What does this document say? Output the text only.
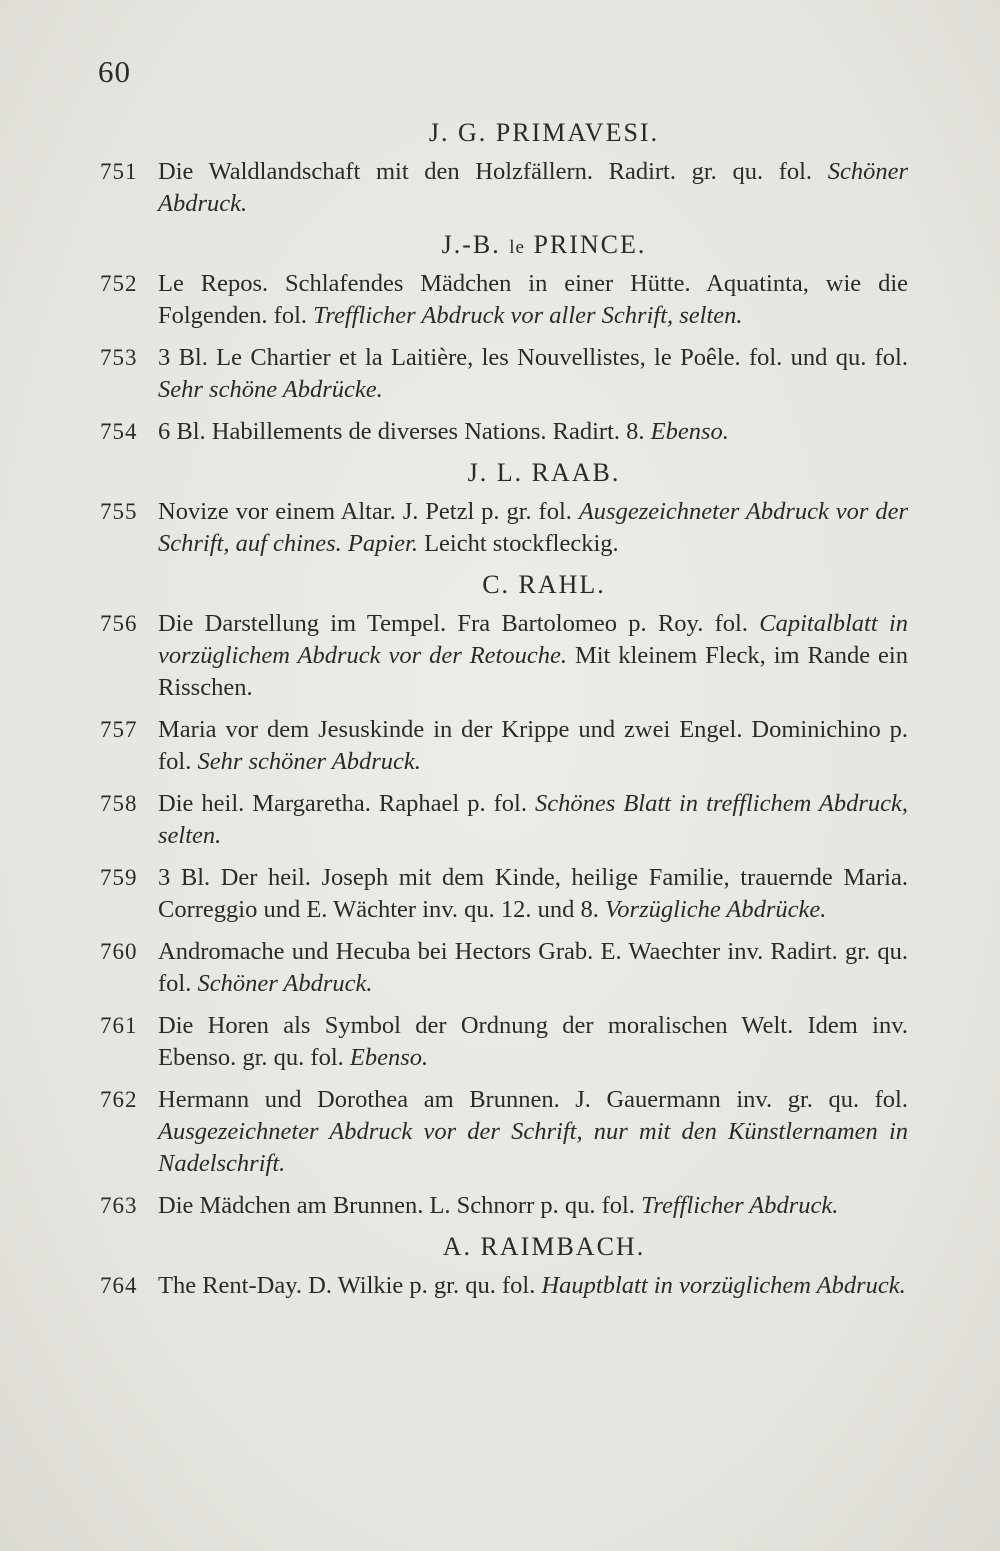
60
J. G. PRIMAVESI.
751 Die Waldlandschaft mit den Holzfällern. Radirt. gr. qu. fol. Schöner Abdruck.
J.-B. le PRINCE.
752 Le Repos. Schlafendes Mädchen in einer Hütte. Aquatinta, wie die Folgenden. fol. Trefflicher Abdruck vor aller Schrift, selten.
753 3 Bl. Le Chartier et la Laitière, les Nouvellistes, le Poêle. fol. und qu. fol. Sehr schöne Abdrücke.
754 6 Bl. Habillements de diverses Nations. Radirt. 8. Ebenso.
J. L. RAAB.
755 Novize vor einem Altar. J. Petzl p. gr. fol. Ausgezeichneter Abdruck vor der Schrift, auf chines. Papier. Leicht stockfleckig.
C. RAHL.
756 Die Darstellung im Tempel. Fra Bartolomeo p. Roy. fol. Capitalblatt in vorzüglichem Abdruck vor der Retouche. Mit kleinem Fleck, im Rande ein Risschen.
757 Maria vor dem Jesuskinde in der Krippe und zwei Engel. Dominichino p. fol. Sehr schöner Abdruck.
758 Die heil. Margaretha. Raphael p. fol. Schönes Blatt in trefflichem Abdruck, selten.
759 3 Bl. Der heil. Joseph mit dem Kinde, heilige Familie, trauernde Maria. Correggio und E. Wächter inv. qu. 12. und 8. Vorzügliche Abdrücke.
760 Andromache und Hecuba bei Hectors Grab. E. Waechter inv. Radirt. gr. qu. fol. Schöner Abdruck.
761 Die Horen als Symbol der Ordnung der moralischen Welt. Idem inv. Ebenso. gr. qu. fol. Ebenso.
762 Hermann und Dorothea am Brunnen. J. Gauermann inv. gr. qu. fol. Ausgezeichneter Abdruck vor der Schrift, nur mit den Künstlernamen in Nadelschrift.
763 Die Mädchen am Brunnen. L. Schnorr p. qu. fol. Trefflicher Abdruck.
A. RAIMBACH.
764 The Rent-Day. D. Wilkie p. gr. qu. fol. Hauptblatt in vorzüglichem Abdruck.
